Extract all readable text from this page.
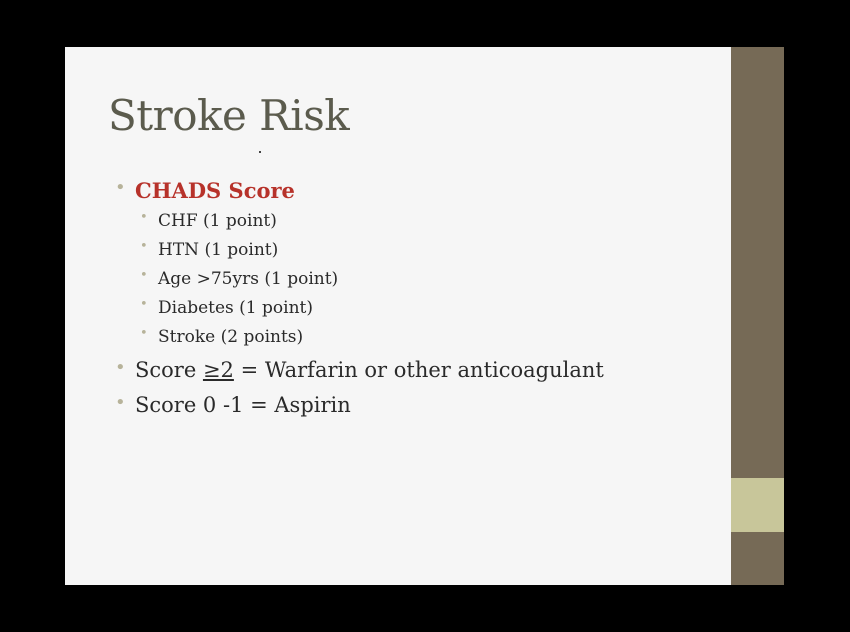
Stroke Risk
• CHADS Score
• CHF (1 point)
• HTN (1 point)
• Age >75yrs (1 point)
• Diabetes (1 point)
• Stroke (2 points)
• Score ≥2 = Warfarin or other anticoagulant
• Score 0 -1 = Aspirin
